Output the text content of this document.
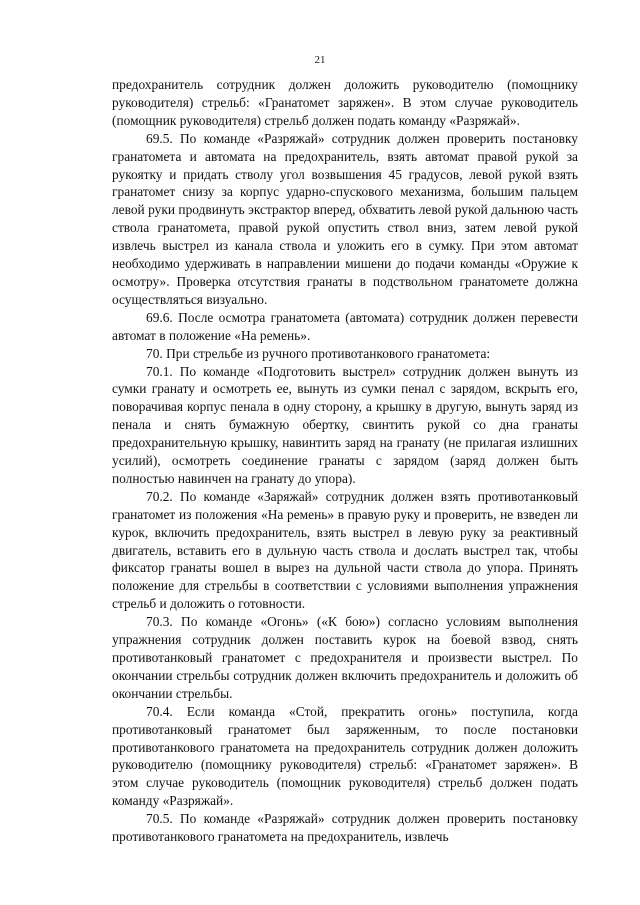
21

предохранитель сотрудник должен доложить руководителю (помощнику руководителя) стрельб: «Гранатомет заряжен». В этом случае руководитель (помощник руководителя) стрельб должен подать команду «Разряжай».

69.5. По команде «Разряжай» сотрудник должен проверить постановку гранатомета и автомата на предохранитель, взять автомат правой рукой за рукоятку и придать стволу угол возвышения 45 градусов, левой рукой взять гранатомет снизу за корпус ударно-спускового механизма, большим пальцем левой руки продвинуть экстрактор вперед, обхватить левой рукой дальнюю часть ствола гранатомета, правой рукой опустить ствол вниз, затем левой рукой извлечь выстрел из канала ствола и уложить его в сумку. При этом автомат необходимо удерживать в направлении мишени до подачи команды «Оружие к осмотру». Проверка отсутствия гранаты в подствольном гранатомете должна осуществляться визуально.

69.6. После осмотра гранатомета (автомата) сотрудник должен перевести автомат в положение «На ремень».

70. При стрельбе из ручного противотанкового гранатомета:

70.1. По команде «Подготовить выстрел» сотрудник должен вынуть из сумки гранату и осмотреть ее, вынуть из сумки пенал с зарядом, вскрыть его, поворачивая корпус пенала в одну сторону, а крышку в другую, вынуть заряд из пенала и снять бумажную обертку, свинтить рукой со дна гранаты предохранительную крышку, навинтить заряд на гранату (не прилагая излишних усилий), осмотреть соединение гранаты с зарядом (заряд должен быть полностью навинчен на гранату до упора).

70.2. По команде «Заряжай» сотрудник должен взять противотанковый гранатомет из положения «На ремень» в правую руку и проверить, не взведен ли курок, включить предохранитель, взять выстрел в левую руку за реактивный двигатель, вставить его в дульную часть ствола и дослать выстрел так, чтобы фиксатор гранаты вошел в вырез на дульной части ствола до упора. Принять положение для стрельбы в соответствии с условиями выполнения упражнения стрельб и доложить о готовности.

70.3. По команде «Огонь» («К бою») согласно условиям выполнения упражнения сотрудник должен поставить курок на боевой взвод, снять противотанковый гранатомет с предохранителя и произвести выстрел. По окончании стрельбы сотрудник должен включить предохранитель и доложить об окончании стрельбы.

70.4. Если команда «Стой, прекратить огонь» поступила, когда противотанковый гранатомет был заряженным, то после постановки противотанкового гранатомета на предохранитель сотрудник должен доложить руководителю (помощнику руководителя) стрельб: «Гранатомет заряжен». В этом случае руководитель (помощник руководителя) стрельб должен подать команду «Разряжай».

70.5. По команде «Разряжай» сотрудник должен проверить постановку противотанкового гранатомета на предохранитель, извлечь
